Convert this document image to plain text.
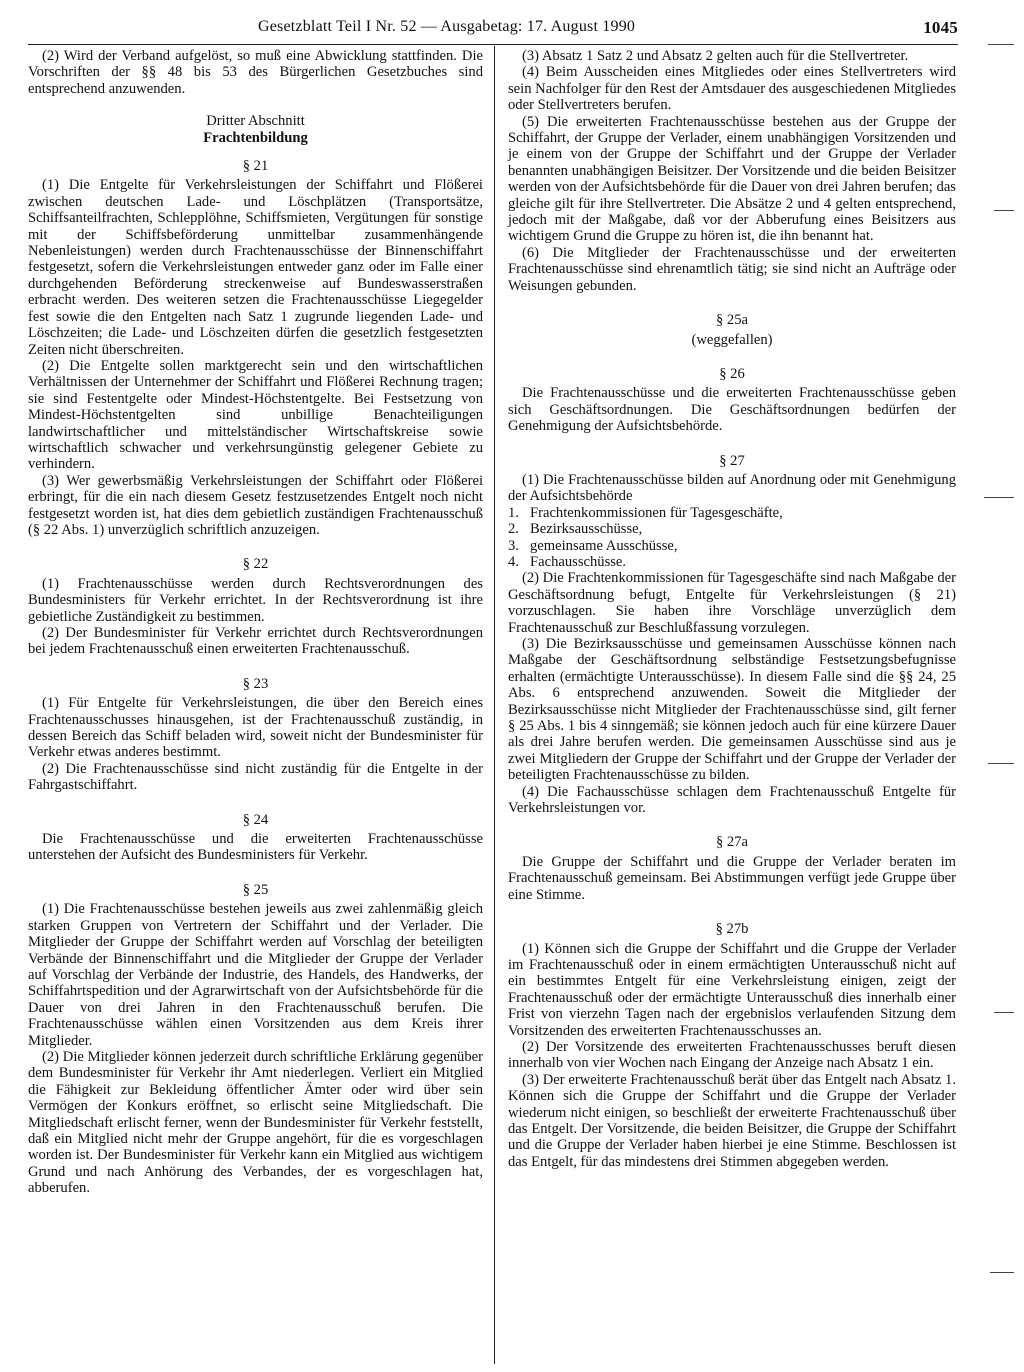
Gesetzblatt Teil I Nr. 52 — Ausgabetag: 17. August 1990	1045

(2) Wird der Verband aufgelöst, so muß eine Abwicklung stattfinden. Die Vorschriften der §§ 48 bis 53 des Bürgerlichen Gesetzbuches sind entsprechend anzuwenden.

Dritter Abschnitt
Frachtenbildung
§ 21

(1) Die Entgelte für Verkehrsleistungen der Schiffahrt und Flößerei zwischen deutschen Lade- und Löschplätzen (Transportsätze, Schiffsanteilfrachten, Schlepplöhne, Schiffsmieten, Vergütungen für sonstige mit der Schiffsbeförderung unmittelbar zusammenhängende Nebenleistungen) werden durch Frachtenausschüsse der Binnenschiffahrt festgesetzt, sofern die Verkehrsleistungen entweder ganz oder im Falle einer durchgehenden Beförderung streckenweise auf Bundeswasserstraßen erbracht werden. Des weiteren setzen die Frachtenausschüsse Liegegelder fest sowie die den Entgelten nach Satz 1 zugrunde liegenden Lade- und Löschzeiten; die Lade- und Löschzeiten dürfen die gesetzlich festgesetzten Zeiten nicht überschreiten.

(2) Die Entgelte sollen marktgerecht sein und den wirtschaftlichen Verhältnissen der Unternehmer der Schiffahrt und Flößerei Rechnung tragen; sie sind Festentgelte oder Mindest-Höchstentgelte. Bei Festsetzung von Mindest-Höchstentgelten sind unbillige Benachteiligungen landwirtschaftlicher und mittelständischer Wirtschaftskreise sowie wirtschaftlich schwacher und verkehrsungünstig gelegener Gebiete zu verhindern.

(3) Wer gewerbsmäßig Verkehrsleistungen der Schiffahrt oder Flößerei erbringt, für die ein nach diesem Gesetz festzusetzendes Entgelt noch nicht festgesetzt worden ist, hat dies dem gebietlich zuständigen Frachtenausschuß (§ 22 Abs. 1) unverzüglich schriftlich anzuzeigen.

§ 22

(1) Frachtenausschüsse werden durch Rechtsverordnungen des Bundesministers für Verkehr errichtet. In der Rechtsverordnung ist ihre gebietliche Zuständigkeit zu bestimmen.

(2) Der Bundesminister für Verkehr errichtet durch Rechtsverordnungen bei jedem Frachtenausschuß einen erweiterten Frachtenausschuß.

§ 23

(1) Für Entgelte für Verkehrsleistungen, die über den Bereich eines Frachtenausschusses hinausgehen, ist der Frachtenausschuß zuständig, in dessen Bereich das Schiff beladen wird, soweit nicht der Bundesminister für Verkehr etwas anderes bestimmt.

(2) Die Frachtenausschüsse sind nicht zuständig für die Entgelte in der Fahrgastschiffahrt.

§ 24

Die Frachtenausschüsse und die erweiterten Frachtenausschüsse unterstehen der Aufsicht des Bundesministers für Verkehr.

§ 25

(1) Die Frachtenausschüsse bestehen jeweils aus zwei zahlenmäßig gleich starken Gruppen von Vertretern der Schiffahrt und der Verlader. Die Mitglieder der Gruppe der Schiffahrt werden auf Vorschlag der beteiligten Verbände der Binnenschiffahrt und die Mitglieder der Gruppe der Verlader auf Vorschlag der Verbände der Industrie, des Handels, des Handwerks, der Schiffahrtspedition und der Agrarwirtschaft von der Aufsichtsbehörde für die Dauer von drei Jahren in den Frachtenausschuß berufen. Die Frachtenausschüsse wählen einen Vorsitzenden aus dem Kreis ihrer Mitglieder.

(2) Die Mitglieder können jederzeit durch schriftliche Erklärung gegenüber dem Bundesminister für Verkehr ihr Amt niederlegen. Verliert ein Mitglied die Fähigkeit zur Bekleidung öffentlicher Ämter oder wird über sein Vermögen der Konkurs eröffnet, so erlischt seine Mitgliedschaft. Die Mitgliedschaft erlischt ferner, wenn der Bundesminister für Verkehr feststellt, daß ein Mitglied nicht mehr der Gruppe angehört, für die es vorgeschlagen worden ist. Der Bundesminister für Verkehr kann ein Mitglied aus wichtigem Grund und nach Anhörung des Verbandes, der es vorgeschlagen hat, abberufen.

(3) Absatz 1 Satz 2 und Absatz 2 gelten auch für die Stellvertreter.

(4) Beim Ausscheiden eines Mitgliedes oder eines Stellvertreters wird sein Nachfolger für den Rest der Amtsdauer des ausgeschiedenen Mitgliedes oder Stellvertreters berufen.

(5) Die erweiterten Frachtenausschüsse bestehen aus der Gruppe der Schiffahrt, der Gruppe der Verlader, einem unabhängigen Vorsitzenden und je einem von der Gruppe der Schiffahrt und der Gruppe der Verlader benannten unabhängigen Beisitzer. Der Vorsitzende und die beiden Beisitzer werden von der Aufsichtsbehörde für die Dauer von drei Jahren berufen; das gleiche gilt für ihre Stellvertreter. Die Absätze 2 und 4 gelten entsprechend, jedoch mit der Maßgabe, daß vor der Abberufung eines Beisitzers aus wichtigem Grund die Gruppe zu hören ist, die ihn benannt hat.

(6) Die Mitglieder der Frachtenausschüsse und der erweiterten Frachtenausschüsse sind ehrenamtlich tätig; sie sind nicht an Aufträge oder Weisungen gebunden.

§ 25a
(weggefallen)
§ 26

Die Frachtenausschüsse und die erweiterten Frachtenausschüsse geben sich Geschäftsordnungen. Die Geschäftsordnungen bedürfen der Genehmigung der Aufsichtsbehörde.

§ 27

(1) Die Frachtenausschüsse bilden auf Anordnung oder mit Genehmigung der Aufsichtsbehörde

1. Frachtenkommissionen für Tagesgeschäfte,
2. Bezirksausschüsse,
3. gemeinsame Ausschüsse,
4. Fachausschüsse.

(2) Die Frachtenkommissionen für Tagesgeschäfte sind nach Maßgabe der Geschäftsordnung befugt, Entgelte für Verkehrsleistungen (§ 21) vorzuschlagen. Sie haben ihre Vorschläge unverzüglich dem Frachtenausschuß zur Beschlußfassung vorzulegen.

(3) Die Bezirksausschüsse und gemeinsamen Ausschüsse können nach Maßgabe der Geschäftsordnung selbständige Festsetzungsbefugnisse erhalten (ermächtigte Unterausschüsse). In diesem Falle sind die §§ 24, 25 Abs. 6 entsprechend anzuwenden. Soweit die Mitglieder der Bezirksausschüsse nicht Mitglieder der Frachtenausschüsse sind, gilt ferner § 25 Abs. 1 bis 4 sinngemäß; sie können jedoch auch für eine kürzere Dauer als drei Jahre berufen werden. Die gemeinsamen Ausschüsse sind aus je zwei Mitgliedern der Gruppe der Schiffahrt und der Gruppe der Verlader der beteiligten Frachtenausschüsse zu bilden.

(4) Die Fachausschüsse schlagen dem Frachtenausschuß Entgelte für Verkehrsleistungen vor.

§ 27a

Die Gruppe der Schiffahrt und die Gruppe der Verlader beraten im Frachtenausschuß gemeinsam. Bei Abstimmungen verfügt jede Gruppe über eine Stimme.

§ 27b

(1) Können sich die Gruppe der Schiffahrt und die Gruppe der Verlader im Frachtenausschuß oder in einem ermächtigten Unterausschuß nicht auf ein bestimmtes Entgelt für eine Verkehrsleistung einigen, zeigt der Frachtenausschuß oder der ermächtigte Unterausschuß dies innerhalb einer Frist von vierzehn Tagen nach der ergebnislos verlaufenden Sitzung dem Vorsitzenden des erweiterten Frachtenausschusses an.

(2) Der Vorsitzende des erweiterten Frachtenausschusses beruft diesen innerhalb von vier Wochen nach Eingang der Anzeige nach Absatz 1 ein.

(3) Der erweiterte Frachtenausschuß berät über das Entgelt nach Absatz 1. Können sich die Gruppe der Schiffahrt und die Gruppe der Verlader wiederum nicht einigen, so beschließt der erweiterte Frachtenausschuß über das Entgelt. Der Vorsitzende, die beiden Beisitzer, die Gruppe der Schiffahrt und die Gruppe der Verlader haben hierbei je eine Stimme. Beschlossen ist das Entgelt, für das mindestens drei Stimmen abgegeben werden.
